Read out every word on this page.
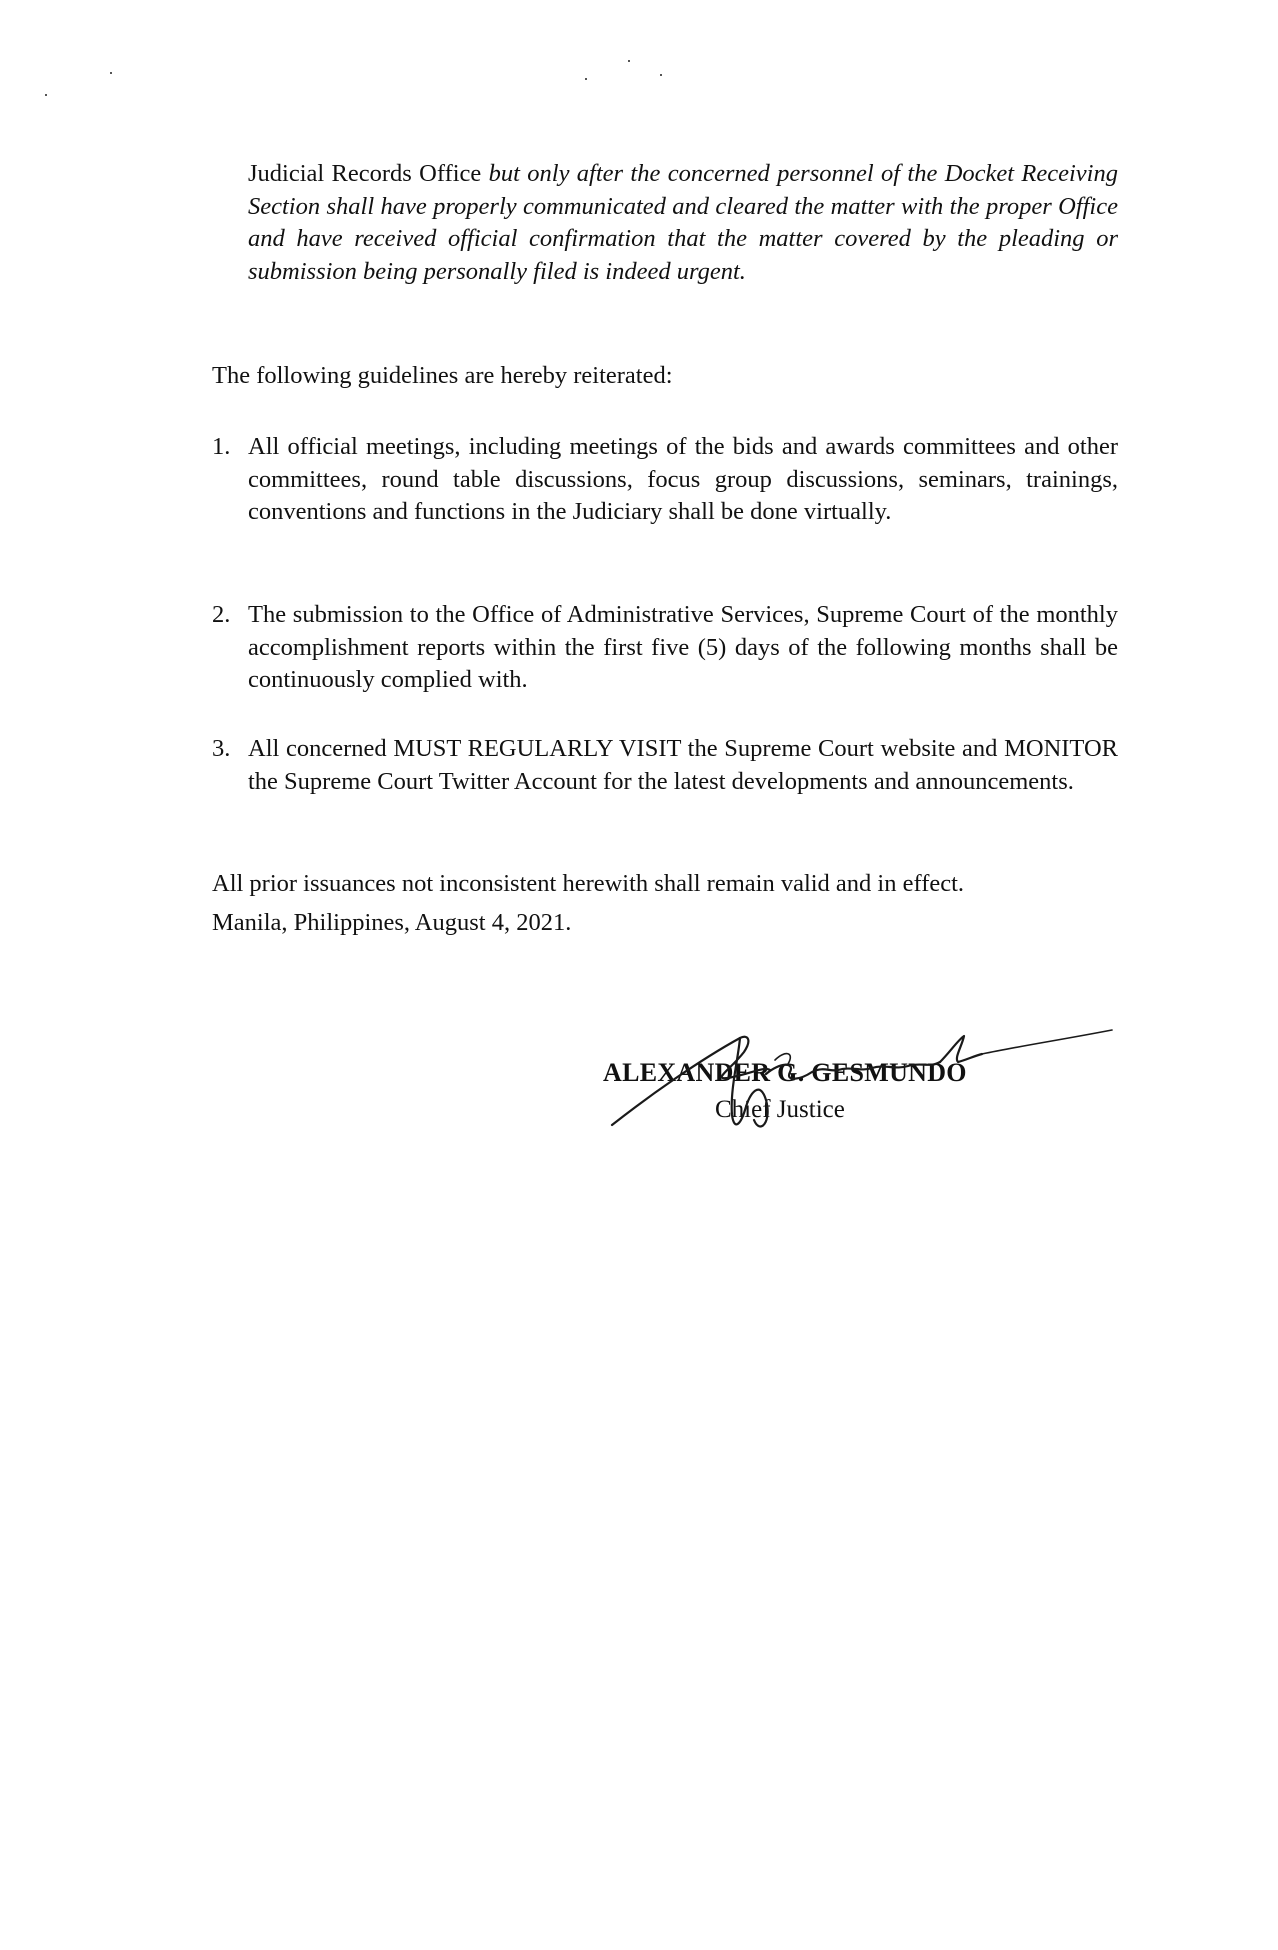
Judicial Records Office but only after the concerned personnel of the Docket Receiving Section shall have properly communicated and cleared the matter with the proper Office and have received official confirmation that the matter covered by the pleading or submission being personally filed is indeed urgent.

The following guidelines are hereby reiterated:

1. All official meetings, including meetings of the bids and awards committees and other committees, round table discussions, focus group discussions, seminars, trainings, conventions and functions in the Judiciary shall be done virtually.
2. The submission to the Office of Administrative Services, Supreme Court of the monthly accomplishment reports within the first five (5) days of the following months shall be continuously complied with.
3. All concerned MUST REGULARLY VISIT the Supreme Court website and MONITOR the Supreme Court Twitter Account for the latest developments and announcements.

All prior issuances not inconsistent herewith shall remain valid and in effect.

Manila, Philippines, August 4, 2021.

ALEXANDER G. GESMUNDO
Chief Justice
